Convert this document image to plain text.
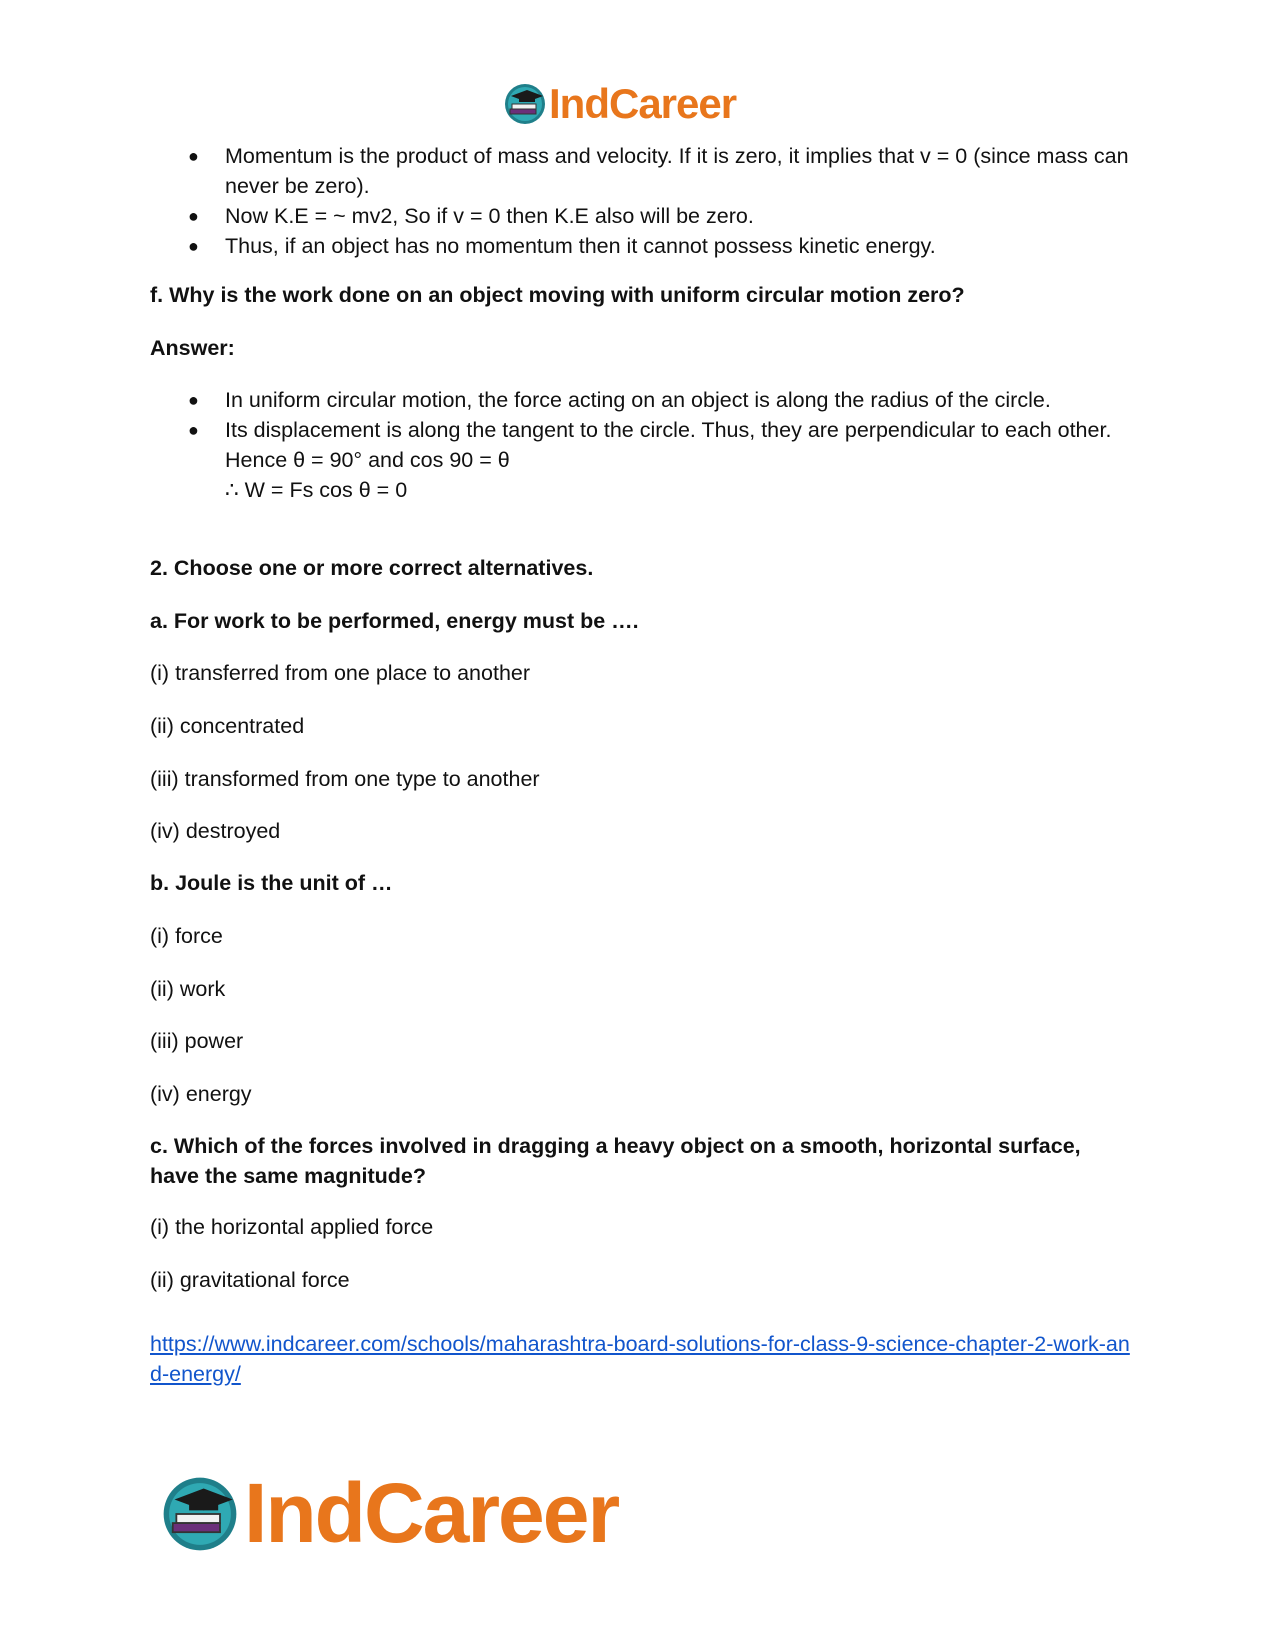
IndCareer
● Momentum is the product of mass and velocity. If it is zero, it implies that v = 0 (since mass can never be zero).
● Now K.E = ~ mv2, So if v = 0 then K.E also will be zero.
● Thus, if an object has no momentum then it cannot possess kinetic energy.
f. Why is the work done on an object moving with uniform circular motion zero?
Answer:
● In uniform circular motion, the force acting on an object is along the radius of the circle.
● Its displacement is along the tangent to the circle. Thus, they are perpendicular to each other.
Hence θ = 90° and cos 90 = θ
∴ W = Fs cos θ = 0
2. Choose one or more correct alternatives.
a. For work to be performed, energy must be ….
(i) transferred from one place to another
(ii) concentrated
(iii) transformed from one type to another
(iv) destroyed
b. Joule is the unit of …
(i) force
(ii) work
(iii) power
(iv) energy
c. Which of the forces involved in dragging a heavy object on a smooth, horizontal surface, have the same magnitude?
(i) the horizontal applied force
(ii) gravitational force
https://www.indcareer.com/schools/maharashtra-board-solutions-for-class-9-science-chapter-2-work-and-energy/
IndCareer
